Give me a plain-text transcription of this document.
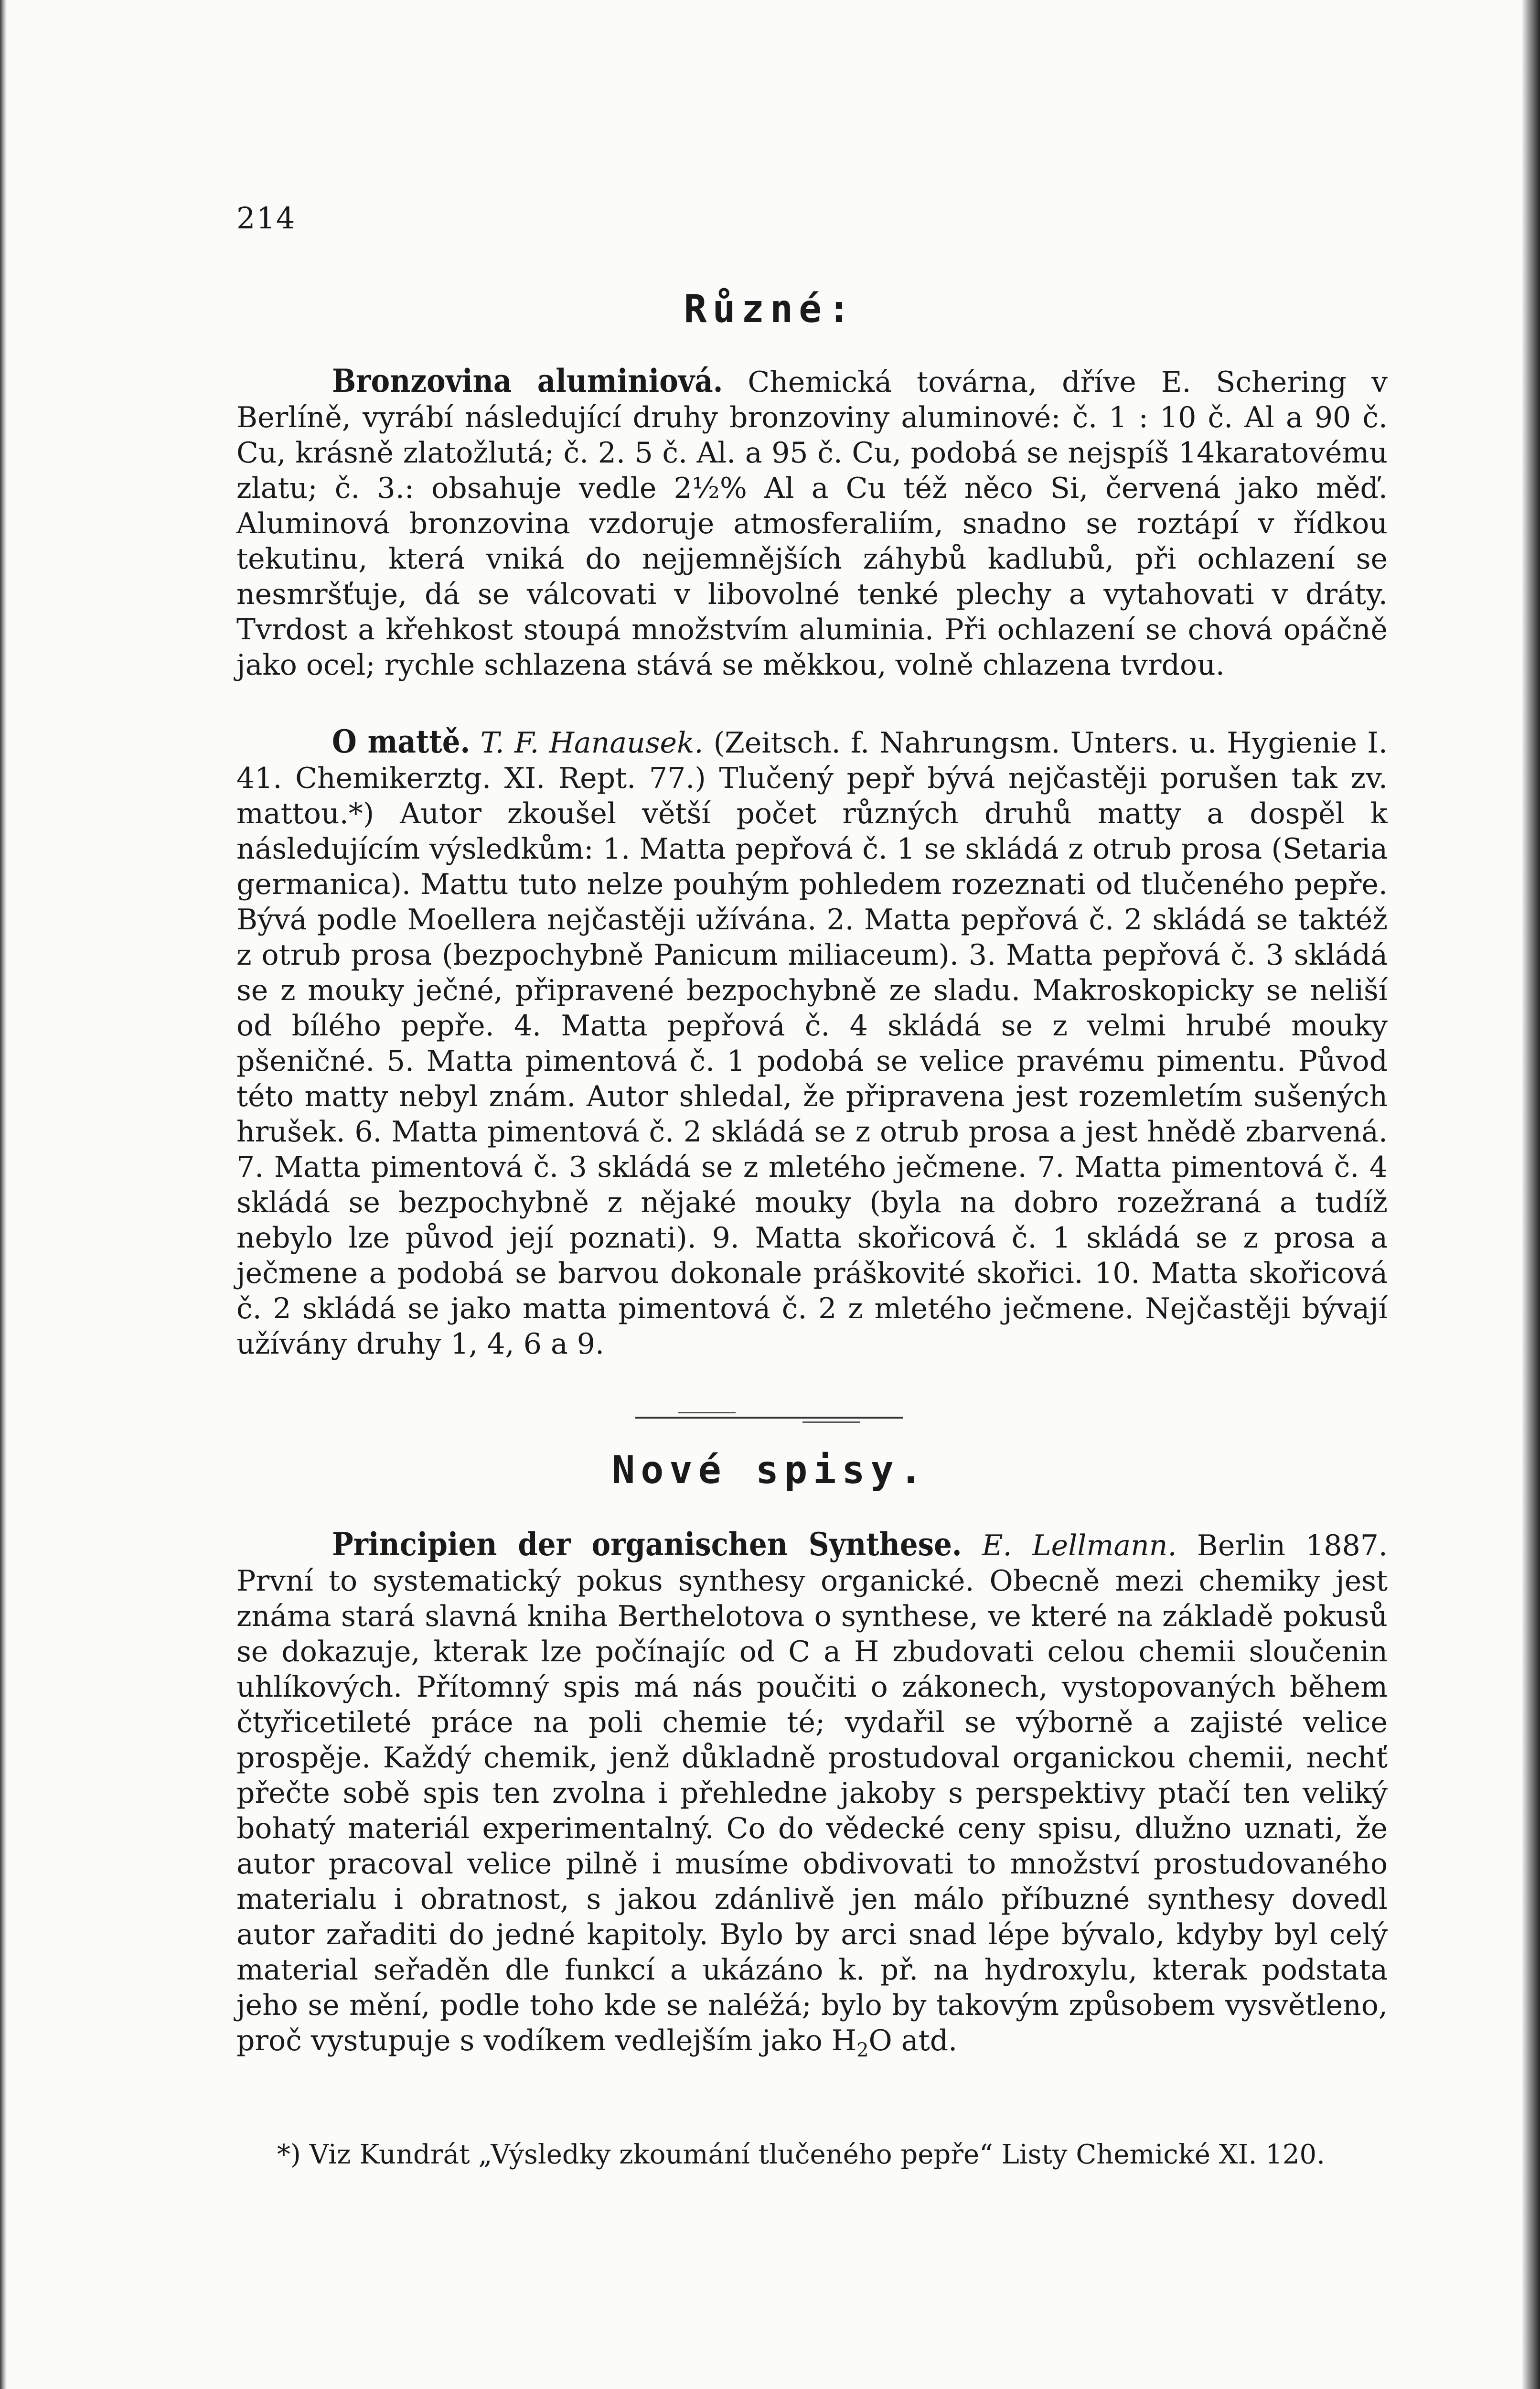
214
Různé:

Bronzovina aluminiová. Chemická továrna, dříve E. Schering v Berlíně, vyrábí následující druhy bronzoviny aluminové: č. 1 : 10 č. Al a 90 č. Cu, krásně zlatožlutá; č. 2. 5 č. Al. a 95 č. Cu, podobá se nejspíš 14karatovému zlatu; č. 3.: obsahuje vedle 2½% Al a Cu též něco Si, červená jako měď. Aluminová bronzovina vzdoruje atmosferaliím, snadno se roztápí v řídkou tekutinu, která vniká do nejjemnějších záhybů kadlubů, při ochlazení se nesmršťuje, dá se válcovati v libovolné tenké plechy a vytahovati v dráty. Tvrdost a křehkost stoupá množstvím aluminia. Při ochlazení se chová opáčně jako ocel; rychle schlazena stává se měkkou, volně chlazena tvrdou.

O mattě. T. F. Hanausek. (Zeitsch. f. Nahrungsm. Unters. u. Hygienie I. 41. Chemikerztg. XI. Rept. 77.) Tlučený pepř bývá nejčastěji porušen tak zv. mattou.*) Autor zkoušel větší počet různých druhů matty a dospěl k následujícím výsledkům: 1. Matta pepřová č. 1 se skládá z otrub prosa (Setaria germanica). Mattu tuto nelze pouhým pohledem rozeznati od tlučeného pepře. Bývá podle Moellera nejčastěji užívána. 2. Matta pepřová č. 2 skládá se taktéž z otrub prosa (bezpochybně Panicum miliaceum). 3. Matta pepřová č. 3 skládá se z mouky ječné, připravené bezpochybně ze sladu. Makroskopicky se neliší od bílého pepře. 4. Matta pepřová č. 4 skládá se z velmi hrubé mouky pšeničné. 5. Matta pimentová č. 1 podobá se velice pravému pimentu. Původ této matty nebyl znám. Autor shledal, že připravena jest rozemletím sušených hrušek. 6. Matta pimentová č. 2 skládá se z otrub prosa a jest hnědě zbarvená. 7. Matta pimentová č. 3 skládá se z mletého ječmene. 7. Matta pimentová č. 4 skládá se bezpochybně z nějaké mouky (byla na dobro rozežraná a tudíž nebylo lze původ její poznati). 9. Matta skořicová č. 1 skládá se z prosa a ječmene a podobá se barvou dokonale práškovité skořici. 10. Matta skořicová č. 2 skládá se jako matta pimentová č. 2 z mletého ječmene. Nejčastěji bývají užívány druhy 1, 4, 6 a 9.

Nové spisy.

Principien der organischen Synthese. E. Lellmann. Berlin 1887. První to systematický pokus synthesy organické. Obecně mezi chemiky jest známa stará slavná kniha Berthelotova o synthese, ve které na základě pokusů se dokazuje, kterak lze počínajíc od C a H zbudovati celou chemii sloučenin uhlíkových. Přítomný spis má nás poučiti o zákonech, vystopovaných během čtyřicetileté práce na poli chemie té; vydařil se výborně a zajisté velice prospěje. Každý chemik, jenž důkladně prostudoval organickou chemii, nechť přečte sobě spis ten zvolna i přehledne jakoby s perspektivy ptačí ten veliký bohatý materiál experimentalný. Co do vědecké ceny spisu, dlužno uznati, že autor pracoval velice pilně i musíme obdivovati to množství prostudovaného materialu i obratnost, s jakou zdánlivě jen málo příbuzné synthesy dovedl autor zařaditi do jedné kapitoly. Bylo by arci snad lépe bývalo, kdyby byl celý material seřaděn dle funkcí a ukázáno k. př. na hydroxylu, kterak podstata jeho se mění, podle toho kde se naléžá; bylo by takovým způsobem vysvětleno, proč vystupuje s vodíkem vedlejším jako $H_2O$ atd.

*) Viz Kundrát „Výsledky zkoumání tlučeného pepře“ Listy Chemické XI. 120.
